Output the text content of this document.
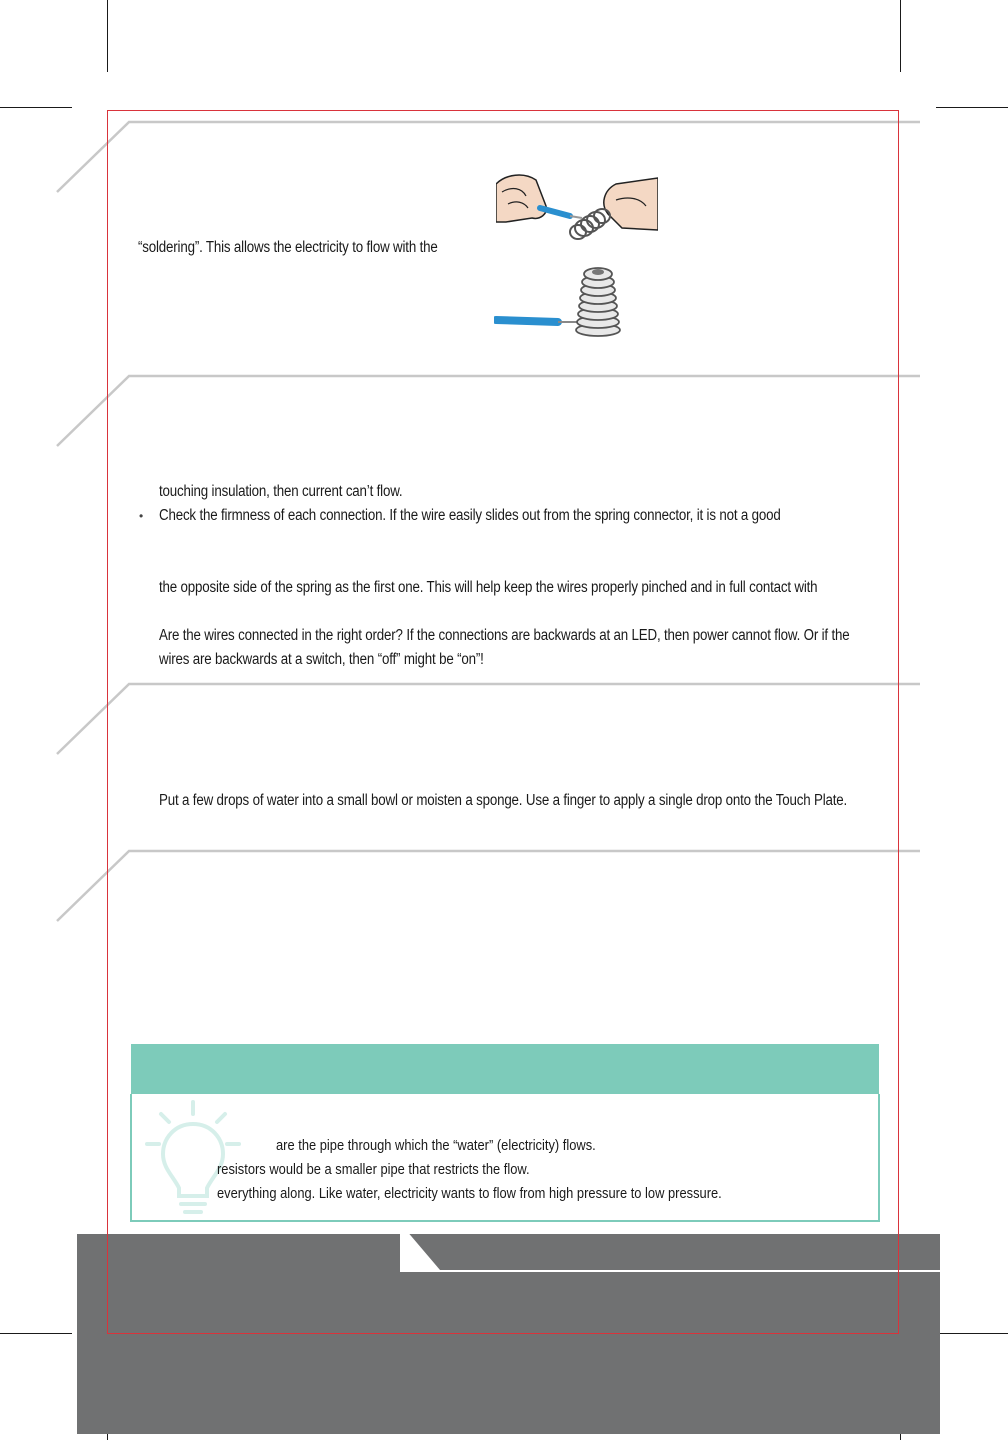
“soldering”. This allows the electricity to flow with the
touching insulation, then current can’t flow.
• Check the firmness of each connection. If the wire easily slides out from the spring connector, it is not a good
the opposite side of the spring as the first one. This will help keep the wires properly pinched and in full contact with
Are the wires connected in the right order? If the connections are backwards at an LED, then power cannot flow. Or if the
wires are backwards at a switch, then “off” might be “on”!
Put a few drops of water into a small bowl or moisten a sponge. Use a finger to apply a single drop onto the Touch Plate.
are the pipe through which the “water” (electricity) flows.
resistors would be a smaller pipe that restricts the flow.
everything along. Like water, electricity wants to flow from high pressure to low pressure.
